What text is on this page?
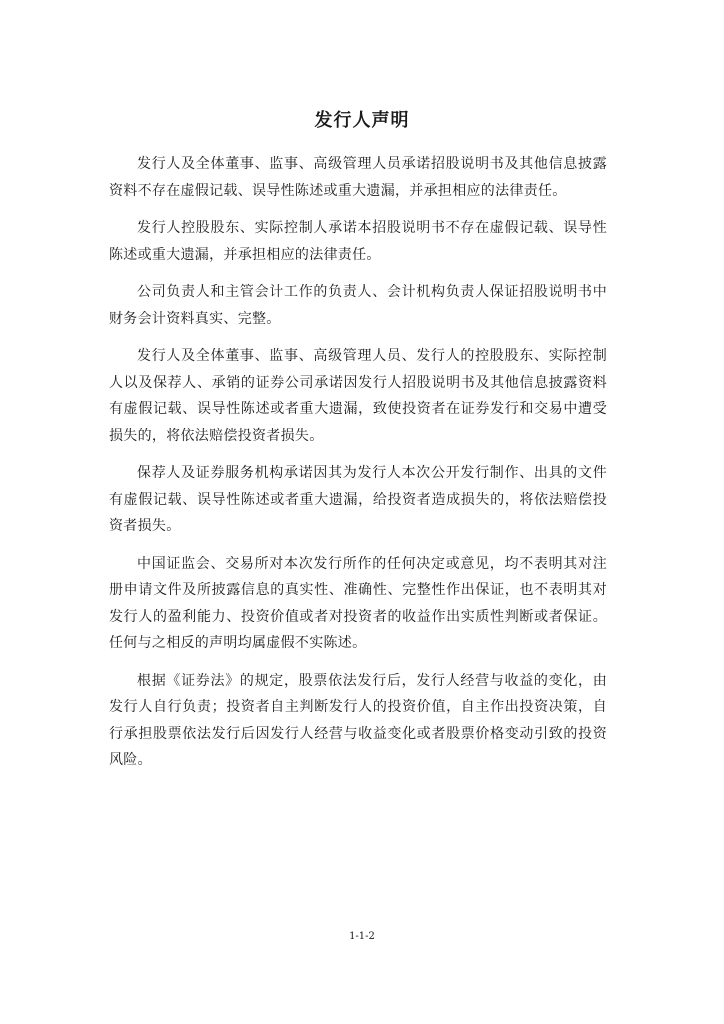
发行人声明

发行人及全体董事、监事、高级管理人员承诺招股说明书及其他信息披露资料不存在虚假记载、误导性陈述或重大遗漏，并承担相应的法律责任。

发行人控股股东、实际控制人承诺本招股说明书不存在虚假记载、误导性陈述或重大遗漏，并承担相应的法律责任。

公司负责人和主管会计工作的负责人、会计机构负责人保证招股说明书中财务会计资料真实、完整。

发行人及全体董事、监事、高级管理人员、发行人的控股股东、实际控制人以及保荐人、承销的证券公司承诺因发行人招股说明书及其他信息披露资料有虚假记载、误导性陈述或者重大遗漏，致使投资者在证券发行和交易中遭受损失的，将依法赔偿投资者损失。

保荐人及证券服务机构承诺因其为发行人本次公开发行制作、出具的文件有虚假记载、误导性陈述或者重大遗漏，给投资者造成损失的，将依法赔偿投资者损失。

中国证监会、交易所对本次发行所作的任何决定或意见，均不表明其对注册申请文件及所披露信息的真实性、准确性、完整性作出保证，也不表明其对发行人的盈利能力、投资价值或者对投资者的收益作出实质性判断或者保证。任何与之相反的声明均属虚假不实陈述。

根据《证券法》的规定，股票依法发行后，发行人经营与收益的变化，由发行人自行负责；投资者自主判断发行人的投资价值，自主作出投资决策，自行承担股票依法发行后因发行人经营与收益变化或者股票价格变动引致的投资风险。

1-1-2
